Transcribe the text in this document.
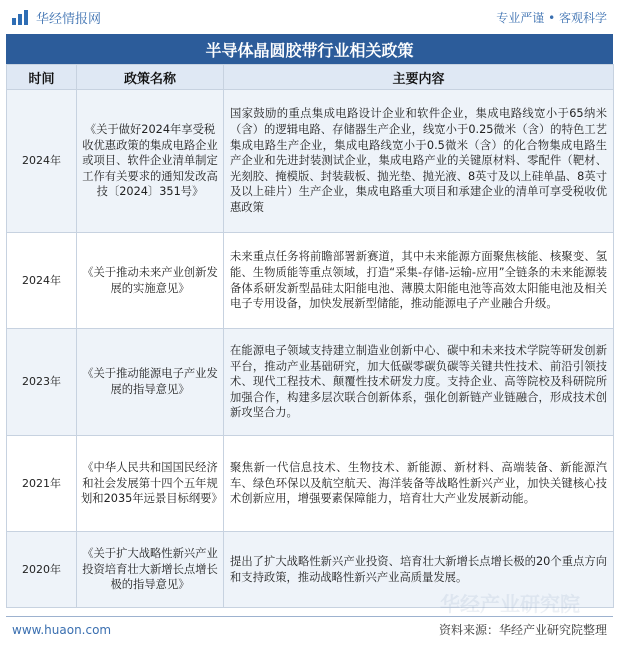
华经情报网	专业严谨 • 客观科学
半导体晶圆胶带行业相关政策
时间	政策名称	主要内容
2024年	《关于做好2024年享受税收优惠政策的集成电路企业或项目、软件企业清单制定工作有关要求的通知发改高技〔2024〕351号》	国家鼓励的重点集成电路设计企业和软件企业，集成电路线宽小于65纳米（含）的逻辑电路、存储器生产企业，线宽小于0.25微米（含）的特色工艺集成电路生产企业，集成电路线宽小于0.5微米（含）的化合物集成电路生产企业和先进封装测试企业，集成电路产业的关键原材料、零配件（靶材、光刻胶、掩模版、封装载板、抛光垫、抛光液、8英寸及以上硅单晶、8英寸及以上硅片）生产企业，集成电路重大项目和承建企业的清单可享受税收优惠政策
2024年	《关于推动未来产业创新发展的实施意见》	未来重点任务将前瞻部署新赛道，其中未来能源方面聚焦核能、核聚变、氢能、生物质能等重点领域，打造“采集-存储-运输-应用”全链条的未来能源装备体系研发新型晶硅太阳能电池、薄膜太阳能电池等高效太阳能电池及相关电子专用设备，加快发展新型储能，推动能源电子产业融合升级。
2023年	《关于推动能源电子产业发展的指导意见》	在能源电子领域支持建立制造业创新中心、碳中和未来技术学院等研发创新平台，推动产业基础研究，加大低碳零碳负碳等关键共性技术、前沿引领技术、现代工程技术、颠覆性技术研发力度。支持企业、高等院校及科研院所加强合作，构建多层次联合创新体系，强化创新链产业链融合，形成技术创新攻坚合力。
2021年	《中华人民共和国国民经济和社会发展第十四个五年规划和2035年远景目标纲要》	聚焦新一代信息技术、生物技术、新能源、新材料、高端装备、新能源汽车、绿色环保以及航空航天、海洋装备等战略性新兴产业，加快关键核心技术创新应用，增强要素保障能力，培育壮大产业发展新动能。
2020年	《关于扩大战略性新兴产业投资培育壮大新增长点增长极的指导意见》	提出了扩大战略性新兴产业投资、培育壮大新增长点增长极的20个重点方向和支持政策，推动战略性新兴产业高质量发展。
www.huaon.com	资料来源：华经产业研究院整理
